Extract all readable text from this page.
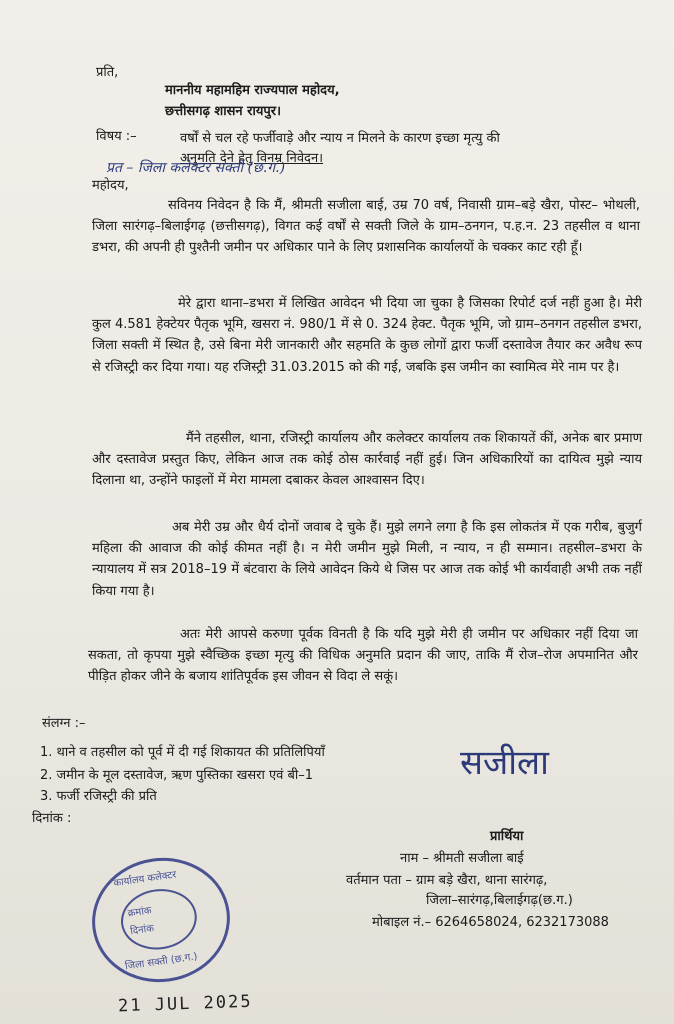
प्रति,
माननीय महामहिम राज्यपाल महोदय,
छत्तीसगढ़ शासन रायपुर।
विषय :–	वर्षों से चल रहे फर्जीवाड़े और न्याय न मिलने के कारण इच्छा मृत्यु की
अनुमति देने हेतु विनम्र निवेदन।
प्रत – जिला कलेक्टर सक्ती (छ.ग.)
महोदय,

सविनय निवेदन है कि मैं, श्रीमती सजीला बाई, उम्र 70 वर्ष, निवासी ग्राम–बड़े खैरा, पोस्ट– भोथली, जिला सारंगढ़–बिलाईगढ़ (छत्तीसगढ़), विगत कई वर्षों से सक्ती जिले के ग्राम–ठनगन, प.ह.न. 23 तहसील व थाना डभरा, की अपनी ही पुश्तैनी जमीन पर अधिकार पाने के लिए प्रशासनिक कार्यालयों के चक्कर काट रही हूँ।

मेरे द्वारा थाना–डभरा में लिखित आवेदन भी दिया जा चुका है जिसका रिपोर्ट दर्ज नहीं हुआ है। मेरी कुल 4.581 हेक्टेयर पैतृक भूमि, खसरा नं. 980/1 में से 0. 324 हेक्ट. पैतृक भूमि, जो ग्राम–ठनगन तहसील डभरा, जिला सक्ती में स्थित है, उसे बिना मेरी जानकारी और सहमति के कुछ लोगों द्वारा फर्जी दस्तावेज तैयार कर अवैध रूप से रजिस्ट्री कर दिया गया। यह रजिस्ट्री 31.03.2015 को की गई, जबकि इस जमीन का स्वामित्व मेरे नाम पर है।

मैंने तहसील, थाना, रजिस्ट्री कार्यालय और कलेक्टर कार्यालय तक शिकायतें कीं, अनेक बार प्रमाण और दस्तावेज प्रस्तुत किए, लेकिन आज तक कोई ठोस कार्रवाई नहीं हुई। जिन अधिकारियों का दायित्व मुझे न्याय दिलाना था, उन्होंने फाइलों में मेरा मामला दबाकर केवल आश्वासन दिए।

अब मेरी उम्र और धैर्य दोनों जवाब दे चुके हैं। मुझे लगने लगा है कि इस लोकतंत्र में एक गरीब, बुजुर्ग महिला की आवाज की कोई कीमत नहीं है। न मेरी जमीन मुझे मिली, न न्याय, न ही सम्मान। तहसील–डभरा के न्यायालय में सत्र 2018–19 में बंटवारा के लिये आवेदन किये थे जिस पर आज तक कोई भी कार्यवाही अभी तक नहीं किया गया है।

अतः मेरी आपसे करुणा पूर्वक विनती है कि यदि मुझे मेरी ही जमीन पर अधिकार नहीं दिया जा सकता, तो कृपया मुझे स्वैच्छिक इच्छा मृत्यु की विधिक अनुमति प्रदान की जाए, ताकि मैं रोज–रोज अपमानित और पीड़ित होकर जीने के बजाय शांतिपूर्वक इस जीवन से विदा ले सकूं।

संलग्न :–
1. थाने व तहसील को पूर्व में दी गई शिकायत की प्रतिलिपियाँ
2. जमीन के मूल दस्तावेज, ऋण पुस्तिका खसरा एवं बी–1
3. फर्जी रजिस्ट्री की प्रति
दिनांक :
सजीला
प्रार्थिया
नाम – श्रीमती सजीला बाई
वर्तमान पता – ग्राम बड़े खैरा, थाना सारंगढ़,
जिला–सारंगढ़,बिलाईगढ़(छ.ग.)
मोबाइल नं.– 6264658024, 6232173088
कार्यालय कलेक्टर
क्रमांक
दिनांक
जिला सक्ती (छ.ग.)
21 JUL 2025
